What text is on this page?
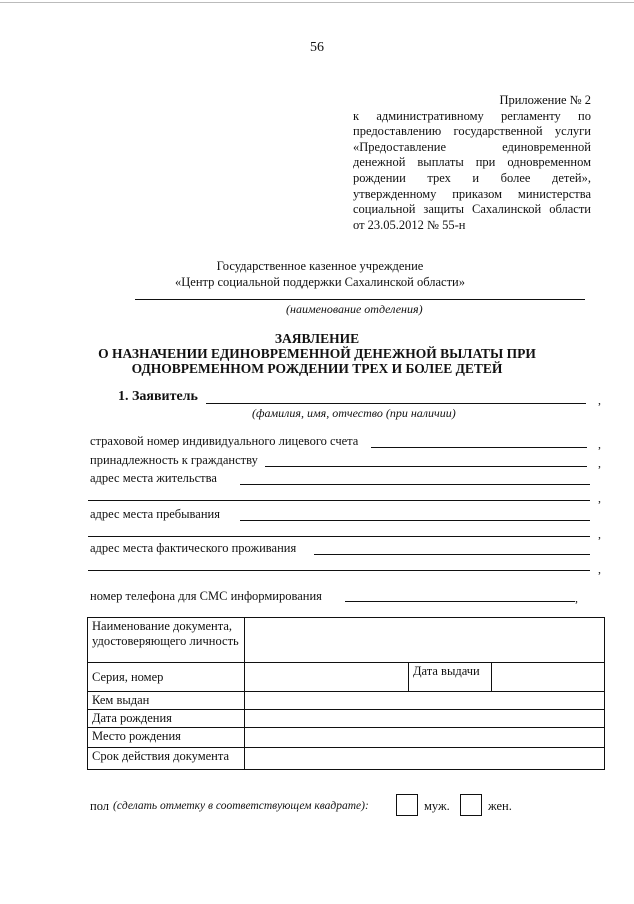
56
Приложение № 2
к административному регламенту по предоставлению государственной услуги «Предоставление единовременной денежной выплаты при одновременном рождении трех и более детей», утвержденному приказом министерства социальной защиты Сахалинской области от 23.05.2012 № 55-н
Государственное казенное учреждение
«Центр социальной поддержки Сахалинской области»
(наименование отделения)
ЗАЯВЛЕНИЕ
О НАЗНАЧЕНИИ ЕДИНОВРЕМЕННОЙ ДЕНЕЖНОЙ ВЫЛАТЫ ПРИ
ОДНОВРЕМЕННОМ РОЖДЕНИИ ТРЕХ И БОЛЕЕ ДЕТЕЙ
1. Заявитель	,
(фамилия, имя, отчество (при наличии)
страховой номер индивидуального лицевого счета	,
принадлежность к гражданству	,
адрес места жительства
,
адрес места пребывания
,
адрес места фактического проживания
,
номер телефона для СМС информирования	,
Наименование документа, удостоверяющего личность			
Серия, номер		Дата выдачи	
Кем выдан			
Дата рождения			
Место рождения			
Срок действия документа			
пол (сделать отметку в соответствующем квадрате):	муж.	жен.
